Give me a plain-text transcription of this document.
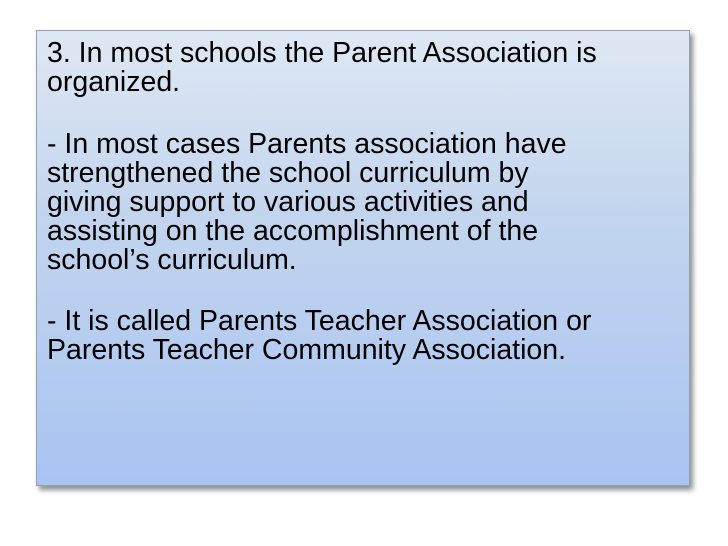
3. In most schools the Parent Association is
organized.

- In most cases Parents association have
strengthened the school curriculum by
giving support to various activities and
assisting on the accomplishment of the
school’s curriculum.

- It is called Parents Teacher Association or
Parents Teacher Community Association.
